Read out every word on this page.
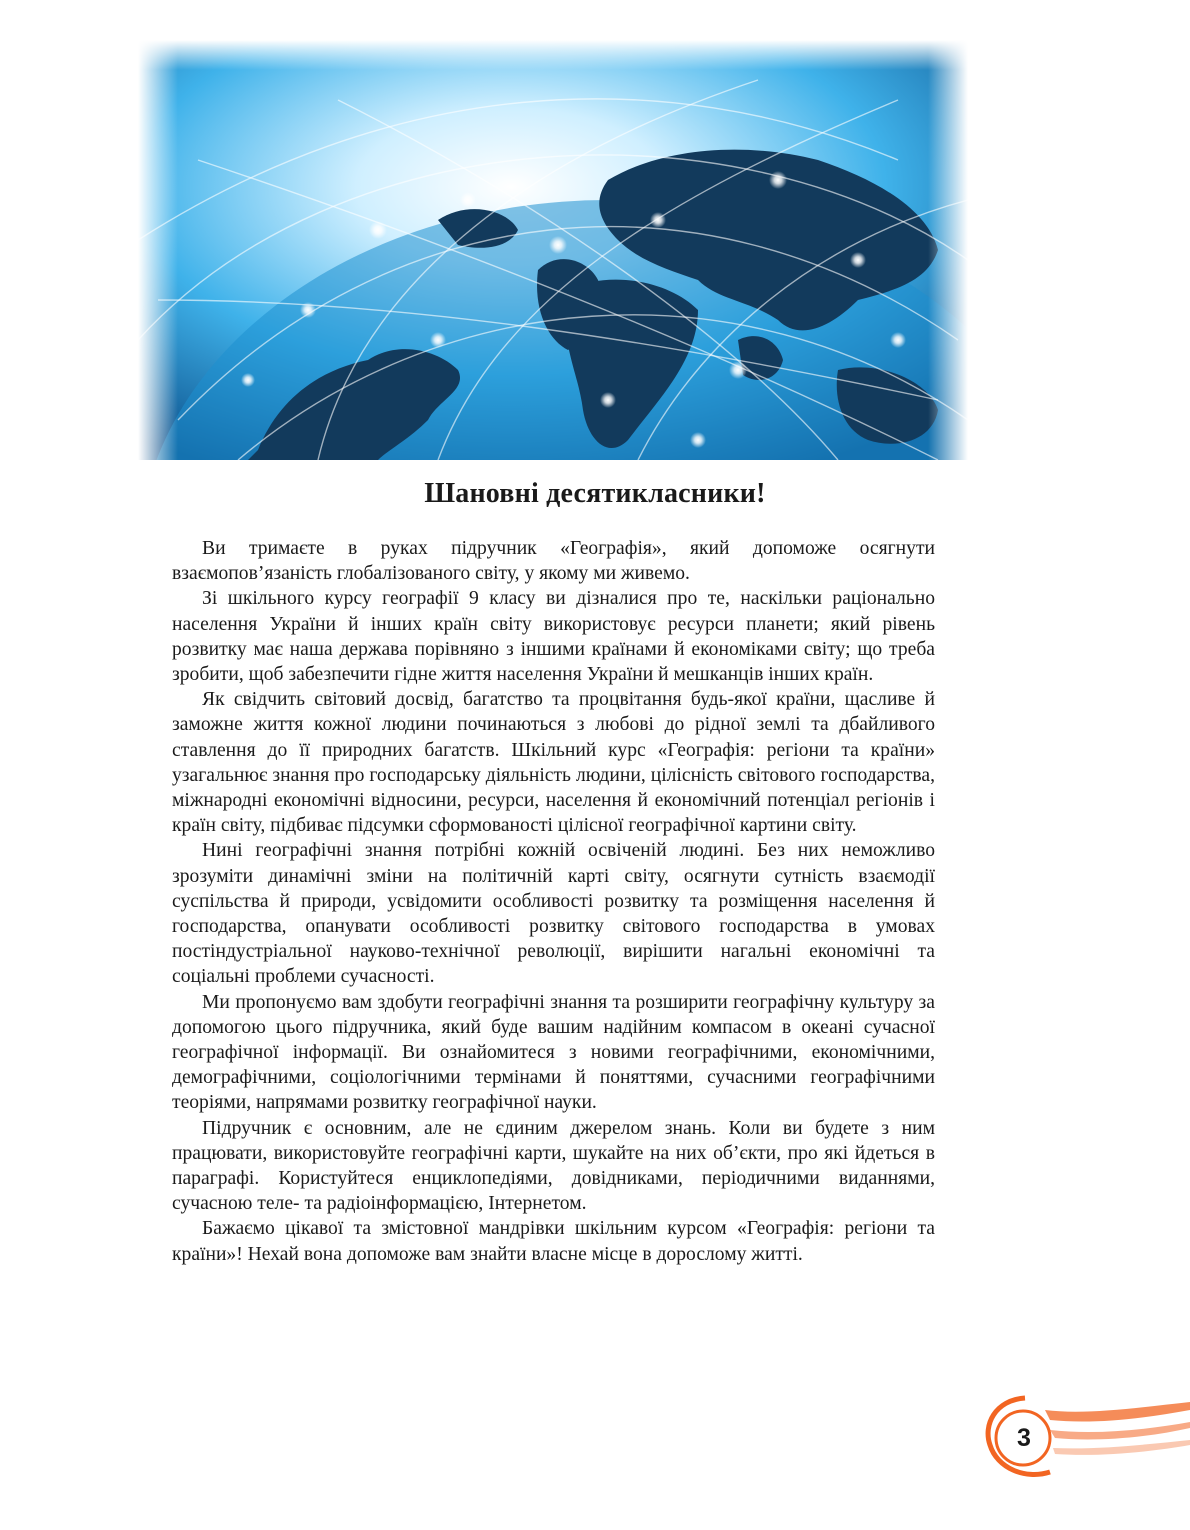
Шановні десятикласники!

Ви тримаєте в руках підручник «Географія», який допоможе осягнути взаємопов’язаність глобалізованого світу, у якому ми живемо.

Зі шкільного курсу географії 9 класу ви дізналися про те, наскільки раціонально населення України й інших країн світу використовує ресурси планети; який рівень розвитку має наша держава порівняно з іншими країнами й економіками світу; що треба зробити, щоб забезпечити гідне життя населення України й мешканців інших країн.

Як свідчить світовий досвід, багатство та процвітання будь-якої країни, щасливе й заможне життя кожної людини починаються з любові до рідної землі та дбайливого ставлення до її природних багатств. Шкільний курс «Географія: регіони та країни» узагальнює знання про господарську діяльність людини, цілісність світового господарства, міжнародні економічні відносини, ресурси, населення й економічний потенціал регіонів і країн світу, підбиває підсумки сформованості цілісної географічної картини світу.

Нині географічні знання потрібні кожній освіченій людині. Без них неможливо зрозуміти динамічні зміни на політичній карті світу, осягнути сутність взаємодії суспільства й природи, усвідомити особливості розвитку та розміщення населення й господарства, опанувати особливості розвитку світового господарства в умовах постіндустріальної науково-технічної революції, вирішити нагальні економічні та соціальні проблеми сучасності.

Ми пропонуємо вам здобути географічні знання та розширити географічну культуру за допомогою цього підручника, який буде вашим надійним компасом в океані сучасної географічної інформації. Ви ознайомитеся з новими географічними, економічними, демографічними, соціологічними термінами й поняттями, сучасними географічними теоріями, напрямами розвитку географічної науки.

Підручник є основним, але не єдиним джерелом знань. Коли ви будете з ним працювати, використовуйте географічні карти, шукайте на них об’єкти, про які йдеться в параграфі. Користуйтеся енциклопедіями, довідниками, періодичними виданнями, сучасною теле- та радіоінформацією, Інтернетом.

Бажаємо цікавої та змістовної мандрівки шкільним курсом «Географія: регіони та країни»! Нехай вона допоможе вам знайти власне місце в дорослому житті.

3
